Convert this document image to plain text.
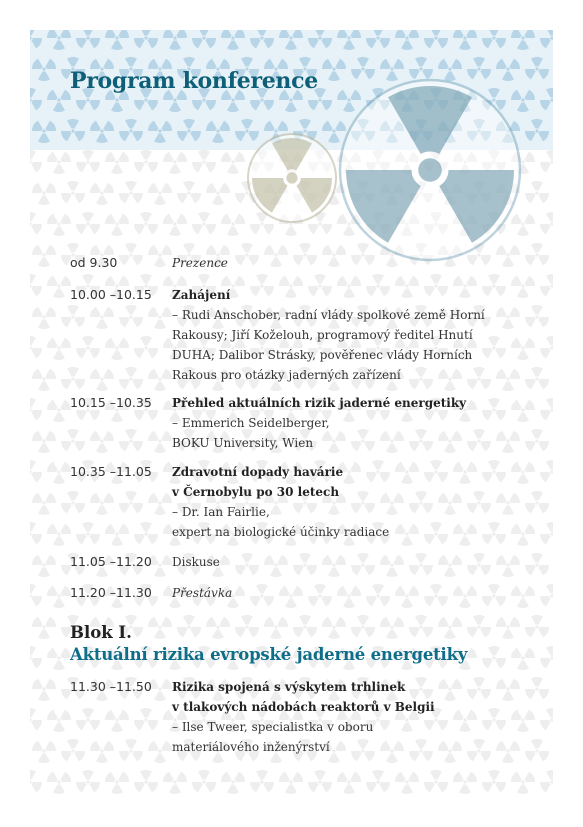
Program konference
od 9.30	Prezence
10.00 –10.15 Zahájení
– Rudi Anschober, radní vlády spolkové země Horní
Rakousy; Jiří Koželouh, programový ředitel Hnutí
DUHA; Dalibor Strásky, pověřenec vlády Horních
Rakous pro otázky jaderných zařízení
10.15 –10.35 Přehled aktuálních rizik jaderné energetiky
– Emmerich Seidelberger,
BOKU University, Wien
10.35 –11.05 Zdravotní dopady havárie
v Černobylu po 30 letech
– Dr. Ian Fairlie,
expert na biologické účinky radiace
11.05 –11.20 Diskuse
11.20 –11.30 Přestávka
Blok I.
Aktuální rizika evropské jaderné energetiky
11.30 –11.50 Rizika spojená s výskytem trhlinek
v tlakových nádobách reaktorů v Belgii
– Ilse Tweer, specialistka v oboru
materiálového inženýrství
